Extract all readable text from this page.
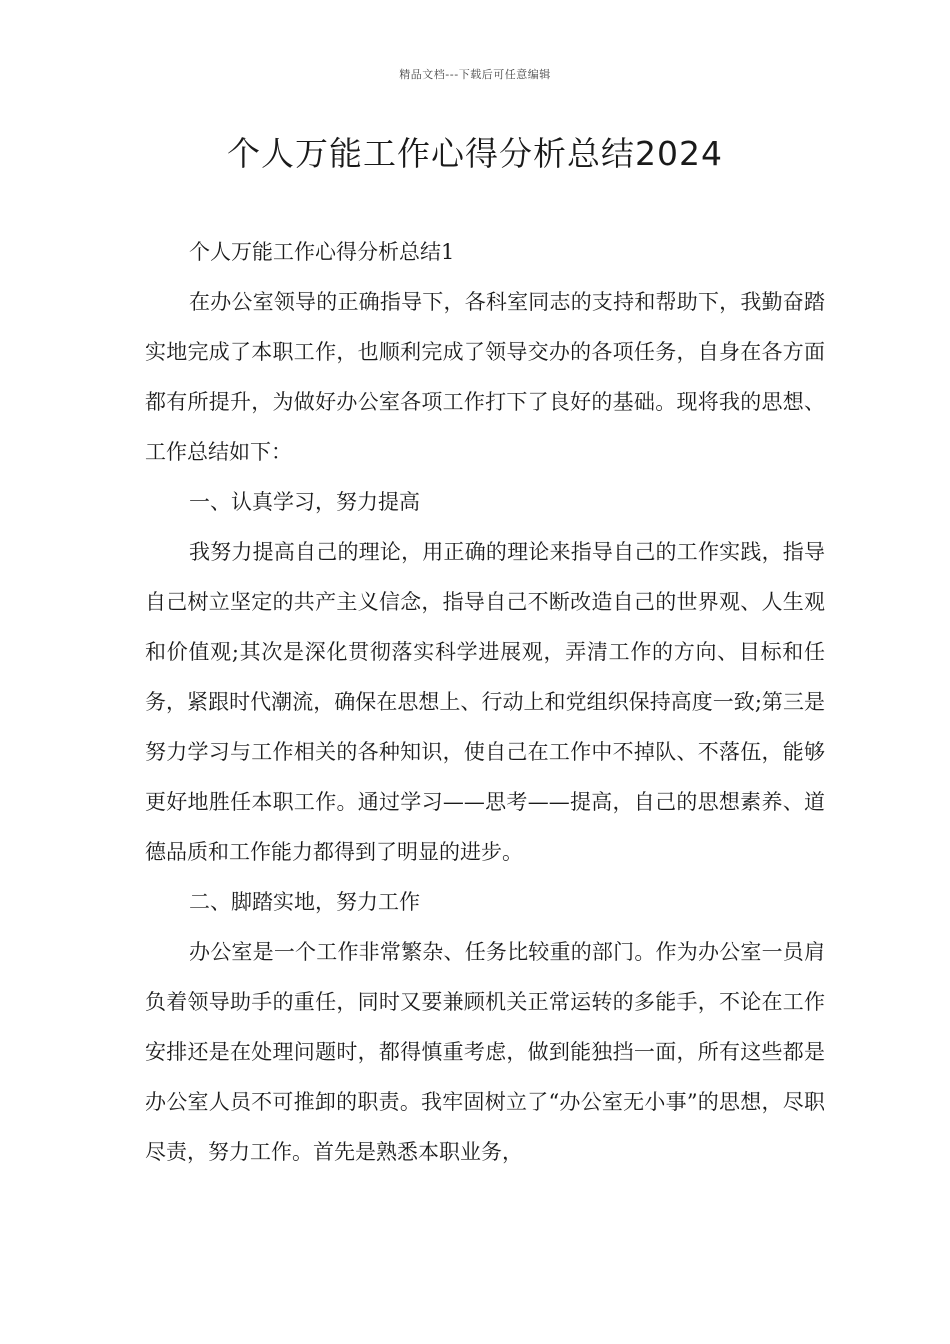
精品文档---下载后可任意编辑
个人万能工作心得分析总结2024

个人万能工作心得分析总结1

在办公室领导的正确指导下，各科室同志的支持和帮助下，我勤奋踏实地完成了本职工作，也顺利完成了领导交办的各项任务，自身在各方面都有所提升，为做好办公室各项工作打下了良好的基础。现将我的思想、工作总结如下：

一、认真学习，努力提高

我努力提高自己的理论，用正确的理论来指导自己的工作实践，指导自己树立坚定的共产主义信念，指导自己不断改造自己的世界观、人生观和价值观;其次是深化贯彻落实科学进展观，弄清工作的方向、目标和任务，紧跟时代潮流，确保在思想上、行动上和党组织保持高度一致;第三是努力学习与工作相关的各种知识，使自己在工作中不掉队、不落伍，能够更好地胜任本职工作。通过学习——思考——提高，自己的思想素养、道德品质和工作能力都得到了明显的进步。

二、脚踏实地，努力工作

办公室是一个工作非常繁杂、任务比较重的部门。作为办公室一员肩负着领导助手的重任，同时又要兼顾机关正常运转的多能手，不论在工作安排还是在处理问题时，都得慎重考虑，做到能独挡一面，所有这些都是办公室人员不可推卸的职责。我牢固树立了“办公室无小事”的思想，尽职尽责，努力工作。首先是熟悉本职业务，
